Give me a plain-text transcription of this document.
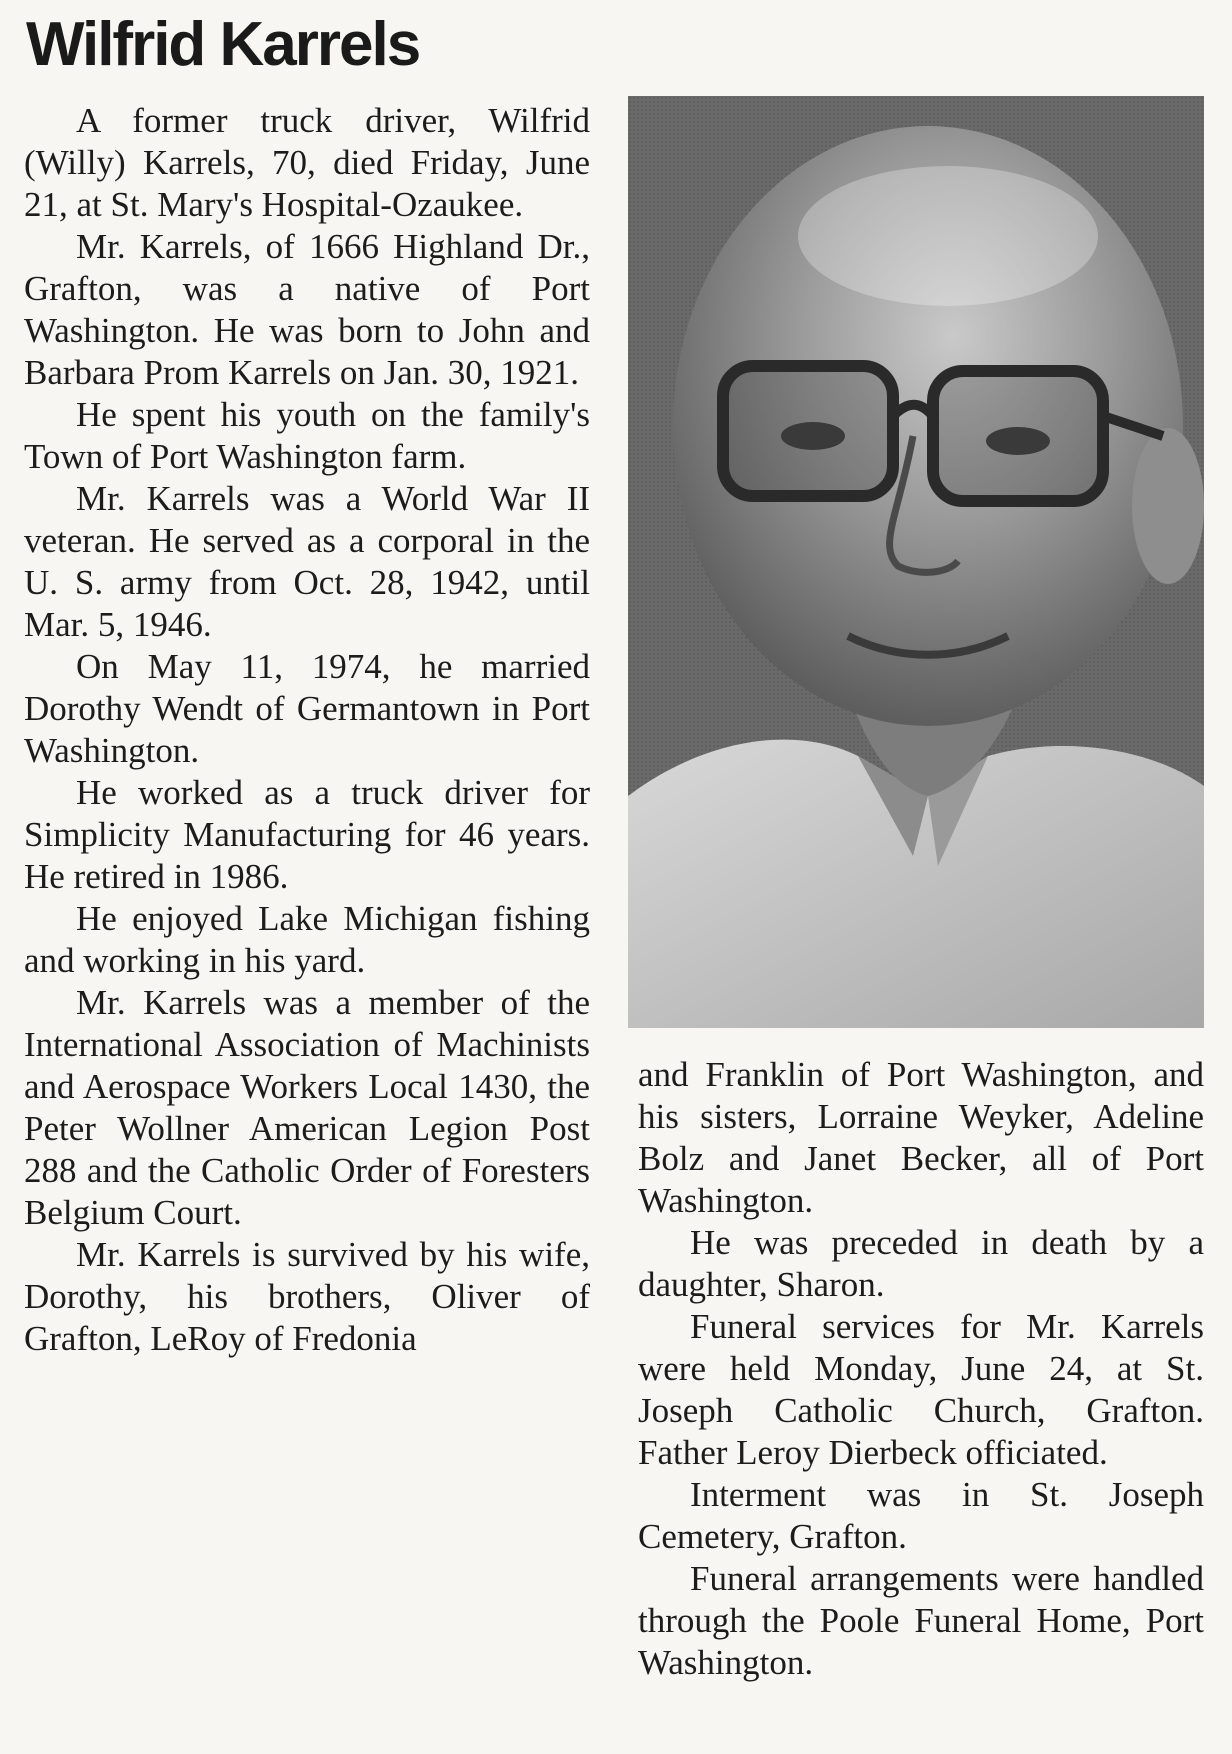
Wilfrid Karrels

A former truck driver, Wilfrid (Willy) Karrels, 70, died Friday, June 21, at St. Mary's Hospital-Ozaukee.

Mr. Karrels, of 1666 Highland Dr., Grafton, was a native of Port Washington. He was born to John and Barbara Prom Karrels on Jan. 30, 1921.

He spent his youth on the family's Town of Port Washington farm.

Mr. Karrels was a World War II veteran. He served as a corporal in the U. S. army from Oct. 28, 1942, until Mar. 5, 1946.

On May 11, 1974, he married Dorothy Wendt of Germantown in Port Washington.

He worked as a truck driver for Simplicity Manufacturing for 46 years. He retired in 1986.

He enjoyed Lake Michigan fishing and working in his yard.

Mr. Karrels was a member of the International Association of Machinists and Aerospace Workers Local 1430, the Peter Wollner American Legion Post 288 and the Catholic Order of Foresters Belgium Court.

Mr. Karrels is survived by his wife, Dorothy, his brothers, Oliver of Grafton, LeRoy of Fredonia

and Franklin of Port Washington, and his sisters, Lorraine Weyker, Adeline Bolz and Janet Becker, all of Port Washington.

He was preceded in death by a daughter, Sharon.

Funeral services for Mr. Karrels were held Monday, June 24, at St. Joseph Catholic Church, Grafton. Father Leroy Dierbeck officiated.

Interment was in St. Joseph Cemetery, Grafton.

Funeral arrangements were handled through the Poole Funeral Home, Port Washington.
